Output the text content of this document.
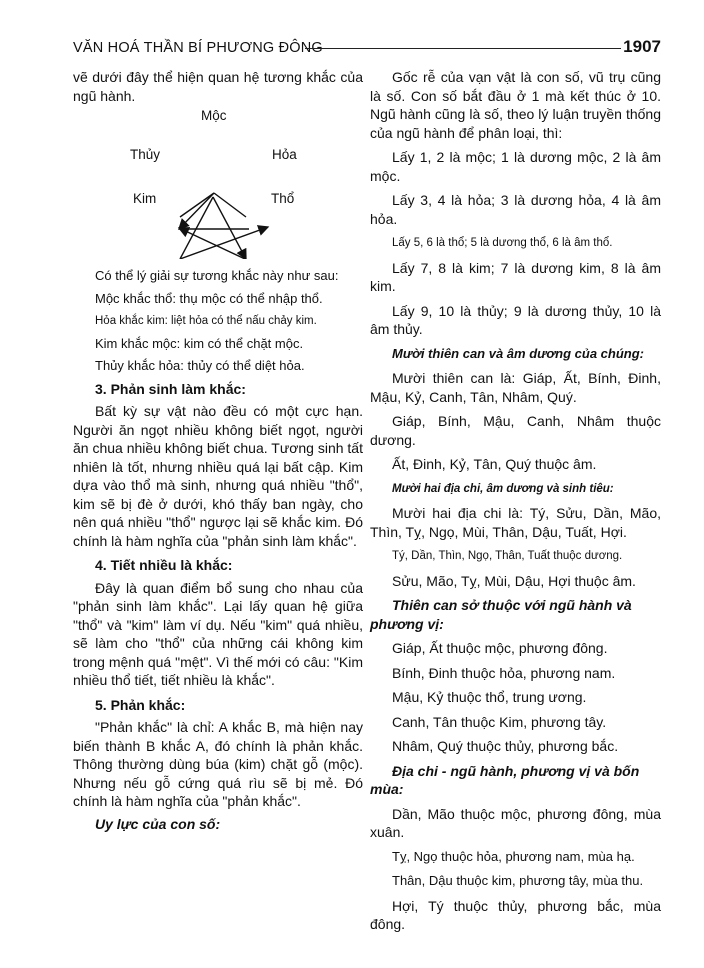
VĂN HOÁ THẦN BÍ PHƯƠNG ĐÔNG	1907

vẽ dưới đây thể hiện quan hệ tương khắc của ngũ hành.

Mộc
Thủy	Hỏa
Kim	Thổ

Có thể lý giải sự tương khắc này như sau:

Mộc khắc thổ: thụ mộc có thể nhập thổ.

Hỏa khắc kim: liệt hỏa có thể nấu chảy kim.

Kim khắc mộc: kim có thể chặt mộc.

Thủy khắc hỏa: thủy có thể diệt hỏa.

3. Phản sinh làm khắc:

Bất kỳ sự vật nào đều có một cực hạn. Người ăn ngọt nhiều không biết ngọt, người ăn chua nhiều không biết chua. Tương sinh tất nhiên là tốt, nhưng nhiều quá lại bất cập. Kim dựa vào thổ mà sinh, nhưng quá nhiều "thổ", kim sẽ bị đè ở dưới, khó thấy ban ngày, cho nên quá nhiều "thổ" ngược lại sẽ khắc kim. Đó chính là hàm nghĩa của "phản sinh làm khắc".

4. Tiết nhiều là khắc:

Đây là quan điểm bổ sung cho nhau của "phản sinh làm khắc". Lại lấy quan hệ giữa "thổ" và "kim" làm ví dụ. Nếu "kim" quá nhiều, sẽ làm cho "thổ" của những cái không kim trong mệnh quá "mệt". Vì thế mới có câu: "Kim nhiều thổ tiết, tiết nhiều là khắc".

5. Phản khắc:

"Phản khắc" là chỉ: A khắc B, mà hiện nay biến thành B khắc A, đó chính là phản khắc. Thông thường dùng búa (kim) chặt gỗ (mộc). Nhưng nếu gỗ cứng quá rìu sẽ bị mẻ. Đó chính là hàm nghĩa của "phản khắc".

Uy lực của con số:

Gốc rễ của vạn vật là con số, vũ trụ cũng là số. Con số bắt đầu ở 1 mà kết thúc ở 10. Ngũ hành cũng là số, theo lý luận truyền thống của ngũ hành để phân loại, thì:

Lấy 1, 2 là mộc; 1 là dương mộc, 2 là âm mộc.

Lấy 3, 4 là hỏa; 3 là dương hỏa, 4 là âm hỏa.

Lấy 5, 6 là thổ; 5 là dương thổ, 6 là âm thổ.

Lấy 7, 8 là kim; 7 là dương kim, 8 là âm kim.

Lấy 9, 10 là thủy; 9 là dương thủy, 10 là âm thủy.

Mười thiên can và âm dương của chúng:

Mười thiên can là: Giáp, Ất, Bính, Đinh, Mậu, Kỷ, Canh, Tân, Nhâm, Quý.

Giáp, Bính, Mậu, Canh, Nhâm thuộc dương.

Ất, Đinh, Kỷ, Tân, Quý thuộc âm.

Mười hai địa chi, âm dương và sinh tiêu:

Mười hai địa chi là: Tý, Sửu, Dần, Mão, Thìn, Tỵ, Ngọ, Mùi, Thân, Dậu, Tuất, Hợi.

Tý, Dần, Thìn, Ngọ, Thân, Tuất thuộc dương.

Sửu, Mão, Tỵ, Mùi, Dậu, Hợi thuộc âm.

Thiên can sở thuộc với ngũ hành và phương vị:

Giáp, Ất thuộc mộc, phương đông.

Bính, Đinh thuộc hỏa, phương nam.

Mậu, Kỷ thuộc thổ, trung ương.

Canh, Tân thuộc Kim, phương tây.

Nhâm, Quý thuộc thủy, phương bắc.

Địa chi - ngũ hành, phương vị và bốn mùa:

Dần, Mão thuộc mộc, phương đông, mùa xuân.

Tỵ, Ngọ thuộc hỏa, phương nam, mùa hạ.

Thân, Dậu thuộc kim, phương tây, mùa thu.

Hợi, Tý thuộc thủy, phương bắc, mùa đông.
